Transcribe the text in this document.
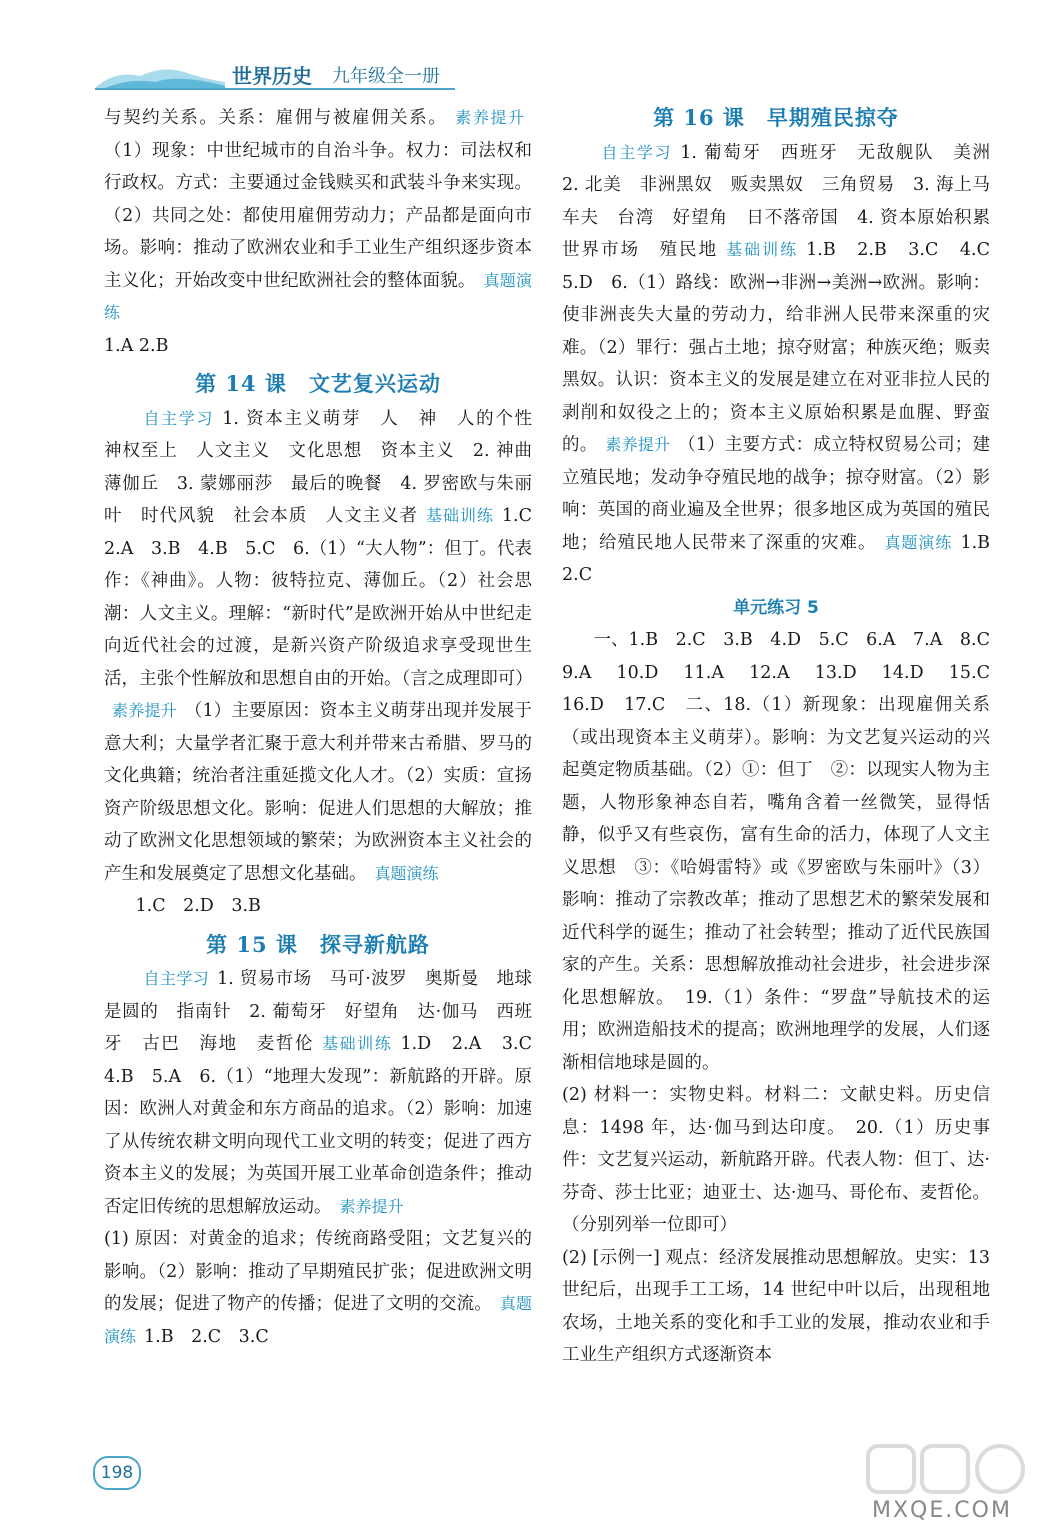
世界历史 九年级全一册

与契约关系。关系：雇佣与被雇佣关系。 素养提升（1）现象：中世纪城市的自治斗争。权力：司法权和行政权。方式：主要通过金钱赎买和武装斗争来实现。（2）共同之处：都使用雇佣劳动力；产品都是面向市场。影响：推动了欧洲农业和手工业生产组织逐步资本主义化；开始改变中世纪欧洲社会的整体面貌。 真题演练

1.A 2.B

第 14 课　文艺复兴运动

自主学习 1. 资本主义萌芽　人　神　人的个性　神权至上　人文主义　文化思想　资本主义　2. 神曲　薄伽丘　3. 蒙娜丽莎　最后的晚餐　4. 罗密欧与朱丽叶　时代风貌　社会本质　人文主义者 基础训练 1.C　2.A　3.B　4.B　5.C　6.（1）“大人物”：但丁。代表作：《神曲》。人物：彼特拉克、薄伽丘。（2）社会思潮：人文主义。理解：“新时代”是欧洲开始从中世纪走向近代社会的过渡，是新兴资产阶级追求享受现世生活，主张个性解放和思想自由的开始。（言之成理即可）素养提升 （1）主要原因：资本主义萌芽出现并发展于意大利；大量学者汇聚于意大利并带来古希腊、罗马的文化典籍；统治者注重延揽文化人才。（2）实质：宣扬资产阶级思想文化。影响：促进人们思想的大解放；推动了欧洲文化思想领域的繁荣；为欧洲资本主义社会的产生和发展奠定了思想文化基础。 真题演练

1.C　2.D　3.B

第 15 课　探寻新航路

自主学习 1. 贸易市场　马可·波罗　奥斯曼　地球是圆的　指南针　2. 葡萄牙　好望角　达·伽马　西班牙　古巴　海地　麦哲伦 基础训练 1.D　2.A　3.C　4.B　5.A　6.（1）“地理大发现”：新航路的开辟。原因：欧洲人对黄金和东方商品的追求。（2）影响：加速了从传统农耕文明向现代工业文明的转变；促进了西方资本主义的发展；为英国开展工业革命创造条件；推动否定旧传统的思想解放运动。 素养提升

(1) 原因：对黄金的追求；传统商路受阻；文艺复兴的影响。（2）影响：推动了早期殖民扩张；促进欧洲文明的发展；促进了物产的传播；促进了文明的交流。 真题演练 1.B　2.C　3.C

第 16 课　早期殖民掠夺

自主学习 1. 葡萄牙　西班牙　无敌舰队　美洲　2. 北美　非洲黑奴　贩卖黑奴　三角贸易　3. 海上马车夫　台湾　好望角　日不落帝国　4. 资本原始积累　世界市场　殖民地 基础训练 1.B　2.B　3.C　4.C　5.D　6.（1）路线：欧洲→非洲→美洲→欧洲。影响：使非洲丧失大量的劳动力，给非洲人民带来深重的灾难。（2）罪行：强占土地；掠夺财富；种族灭绝；贩卖黑奴。认识：资本主义的发展是建立在对亚非拉人民的剥削和奴役之上的；资本主义原始积累是血腥、野蛮的。 素养提升 （1）主要方式：成立特权贸易公司；建立殖民地；发动争夺殖民地的战争；掠夺财富。（2）影响：英国的商业遍及全世界；很多地区成为英国的殖民地；给殖民地人民带来了深重的灾难。 真题演练 1.B　2.C

单元练习 5

一、1.B　2.C　3.B　4.D　5.C　6.A　7.A　8.C　9.A　10.D　11.A　12.A　13.D　14.D　15.C　16.D　17.C　二、18.（1）新现象：出现雇佣关系（或出现资本主义萌芽）。影响：为文艺复兴运动的兴起奠定物质基础。（2）①：但丁　②：以现实人物为主题，人物形象神态自若，嘴角含着一丝微笑，显得恬静，似乎又有些哀伤，富有生命的活力，体现了人文主义思想　③：《哈姆雷特》或《罗密欧与朱丽叶》（3）影响：推动了宗教改革；推动了思想艺术的繁荣发展和近代科学的诞生；推动了社会转型；推动了近代民族国家的产生。关系：思想解放推动社会进步，社会进步深化思想解放。　19.（1）条件：“罗盘”导航技术的运用；欧洲造船技术的提高；欧洲地理学的发展，人们逐渐相信地球是圆的。

(2) 材料一：实物史料。材料二：文献史料。历史信息：1498 年，达·伽马到达印度。　20.（1）历史事件：文艺复兴运动，新航路开辟。代表人物：但丁、达·芬奇、莎士比亚；迪亚士、达·迦马、哥伦布、麦哲伦。（分别列举一位即可）

(2) [示例一] 观点：经济发展推动思想解放。史实：13 世纪后，出现手工工场，14 世纪中叶以后，出现租地农场，土地关系的变化和手工业的发展，推动农业和手工业生产组织方式逐渐资本

198
MXQE.COM
